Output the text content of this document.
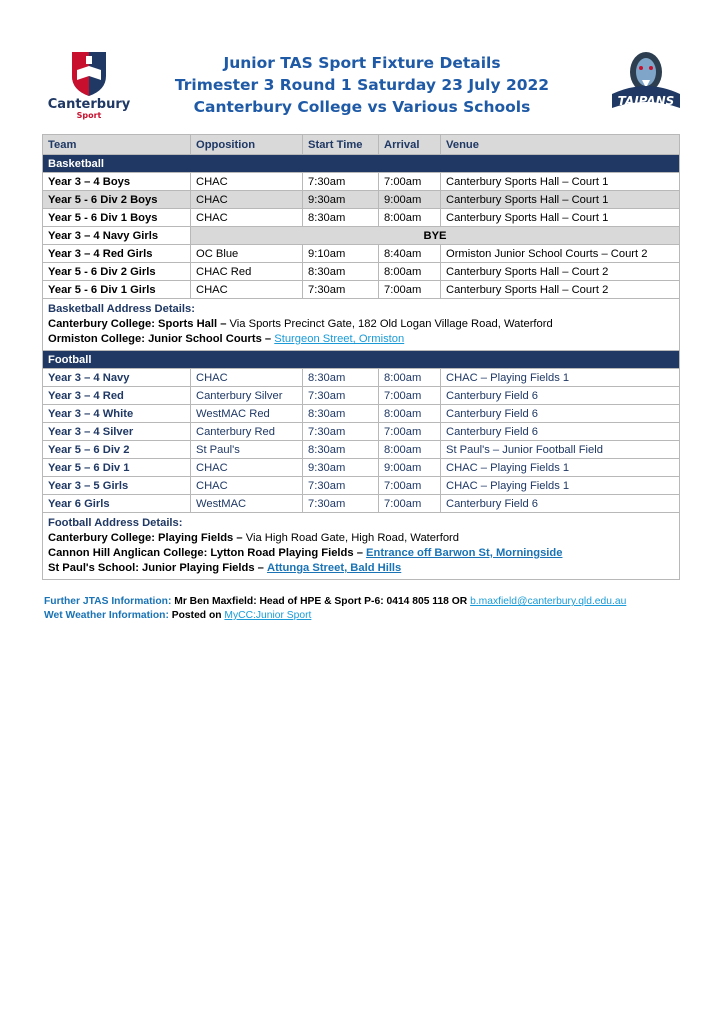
Canterbury
Sport
TAIPANS
Junior TAS Sport Fixture Details
Trimester 3 Round 1 Saturday 23 July 2022
Canterbury College vs Various Schools
Team	Opposition	Start Time	Arrival	Venue
Basketball				
Year 3 – 4 Boys	CHAC	7:30am	7:00am	Canterbury Sports Hall – Court 1
Year 5 - 6 Div 2 Boys	CHAC	9:30am	9:00am	Canterbury Sports Hall – Court 1
Year 5 - 6 Div 1 Boys	CHAC	8:30am	8:00am	Canterbury Sports Hall – Court 1
Year 3 – 4 Navy Girls	BYE			
Year 3 – 4 Red Girls	OC Blue	9:10am	8:40am	Ormiston Junior School Courts – Court 2
Year 5 - 6 Div 2 Girls	CHAC Red	8:30am	8:00am	Canterbury Sports Hall – Court 2
Year 5 - 6 Div 1 Girls	CHAC	7:30am	7:00am	Canterbury Sports Hall – Court 2

Basketball Address Details:
Canterbury College: Sports Hall – Via Sports Precinct Gate, 182 Old Logan Village Road, Waterford
Ormiston College: Junior School Courts – Sturgeon Street, Ormiston				

Football				
Year 3 – 4 Navy	CHAC	8:30am	8:00am	CHAC – Playing Fields 1
Year 3 – 4 Red	Canterbury Silver	7:30am	7:00am	Canterbury Field 6
Year 3 – 4 White	WestMAC Red	8:30am	8:00am	Canterbury Field 6
Year 3 – 4 Silver	Canterbury Red	7:30am	7:00am	Canterbury Field 6
Year 5 – 6 Div 2	St Paul's	8:30am	8:00am	St Paul's – Junior Football Field
Year 5 – 6 Div 1	CHAC	9:30am	9:00am	CHAC – Playing Fields 1
Year 3 – 5 Girls	CHAC	7:30am	7:00am	CHAC – Playing Fields 1
Year 6 Girls	WestMAC	7:30am	7:00am	Canterbury Field 6

Football Address Details:
Canterbury College: Playing Fields – Via High Road Gate, High Road, Waterford
Cannon Hill Anglican College: Lytton Road Playing Fields – Entrance off Barwon St, Morningside
St Paul's School: Junior Playing Fields – Attunga Street, Bald Hills				
Further JTAS Information: Mr Ben Maxfield: Head of HPE & Sport P-6: 0414 805 118 OR b.maxfield@canterbury.qld.edu.au
Wet Weather Information: Posted on MyCC:Junior Sport
